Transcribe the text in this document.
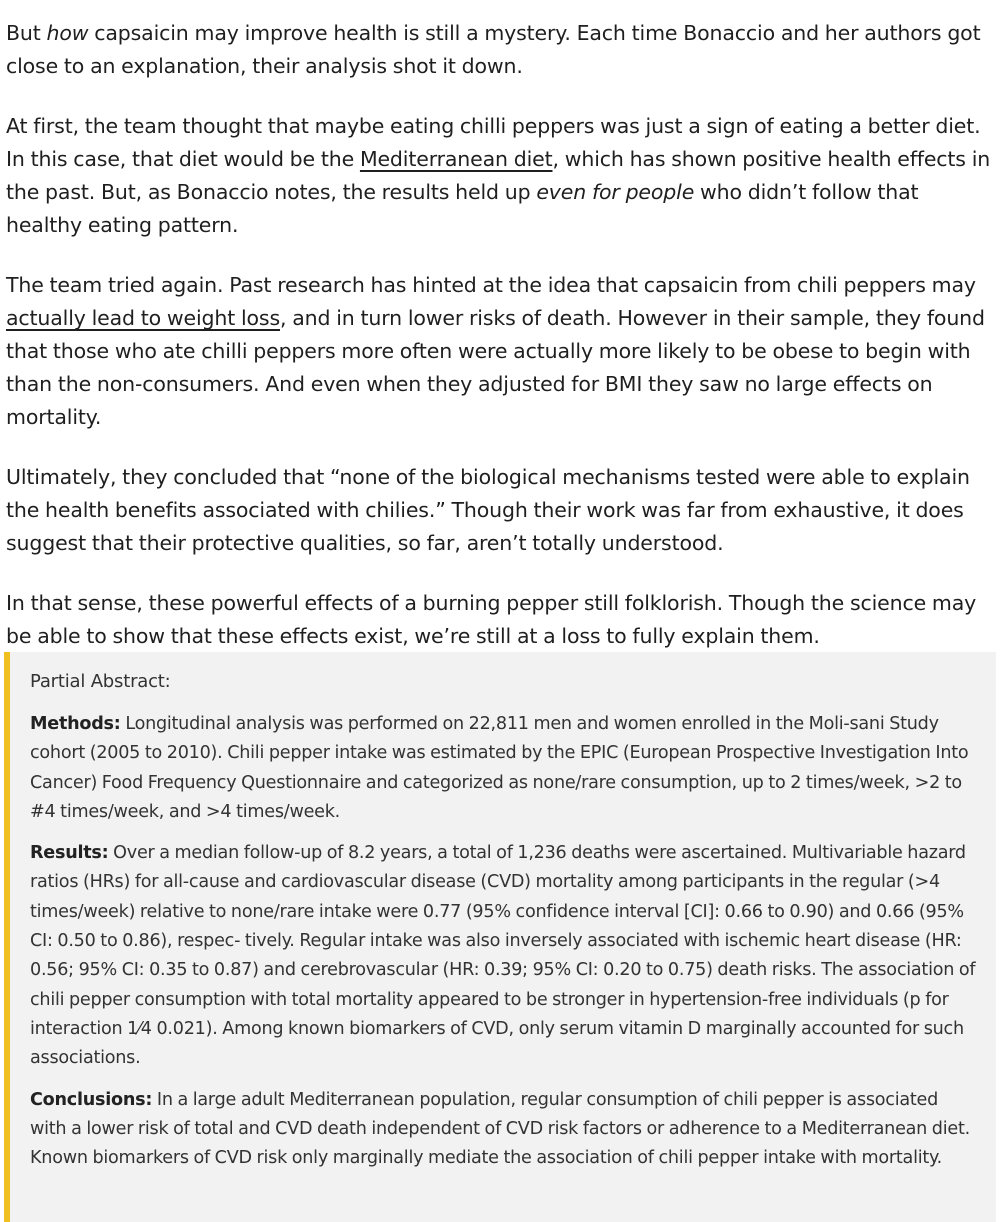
But how capsaicin may improve health is still a mystery. Each time Bonaccio and her authors got close to an explanation, their analysis shot it down.

At first, the team thought that maybe eating chilli peppers was just a sign of eating a better diet. In this case, that diet would be the Mediterranean diet, which has shown positive health effects in the past. But, as Bonaccio notes, the results held up even for people who didn’t follow that healthy eating pattern.

The team tried again. Past research has hinted at the idea that capsaicin from chili peppers may actually lead to weight loss, and in turn lower risks of death. However in their sample, they found that those who ate chilli peppers more often were actually more likely to be obese to begin with than the non-consumers. And even when they adjusted for BMI they saw no large effects on mortality.

Ultimately, they concluded that “none of the biological mechanisms tested were able to explain the health benefits associated with chilies.” Though their work was far from exhaustive, it does suggest that their protective qualities, so far, aren’t totally understood.

In that sense, these powerful effects of a burning pepper still folklorish. Though the science may be able to show that these effects exist, we’re still at a loss to fully explain them.

Partial Abstract:

Methods: Longitudinal analysis was performed on 22,811 men and women enrolled in the Moli-sani Study cohort (2005 to 2010). Chili pepper intake was estimated by the EPIC (European Prospective Investigation Into Cancer) Food Frequency Questionnaire and categorized as none/rare consumption, up to 2 times/week, >2 to #4 times/week, and >4 times/week.

Results: Over a median follow-up of 8.2 years, a total of 1,236 deaths were ascertained. Multivariable hazard ratios (HRs) for all-cause and cardiovascular disease (CVD) mortality among participants in the regular (>4 times/week) relative to none/rare intake were 0.77 (95% confidence interval [CI]: 0.66 to 0.90) and 0.66 (95% CI: 0.50 to 0.86), respec- tively. Regular intake was also inversely associated with ischemic heart disease (HR: 0.56; 95% CI: 0.35 to 0.87) and cerebrovascular (HR: 0.39; 95% CI: 0.20 to 0.75) death risks. The association of chili pepper consumption with total mortality appeared to be stronger in hypertension-free individuals (p for interaction 1⁄4 0.021). Among known biomarkers of CVD, only serum vitamin D marginally accounted for such associations.

Conclusions: In a large adult Mediterranean population, regular consumption of chili pepper is associated with a lower risk of total and CVD death independent of CVD risk factors or adherence to a Mediterranean diet. Known biomarkers of CVD risk only marginally mediate the association of chili pepper intake with mortality.
